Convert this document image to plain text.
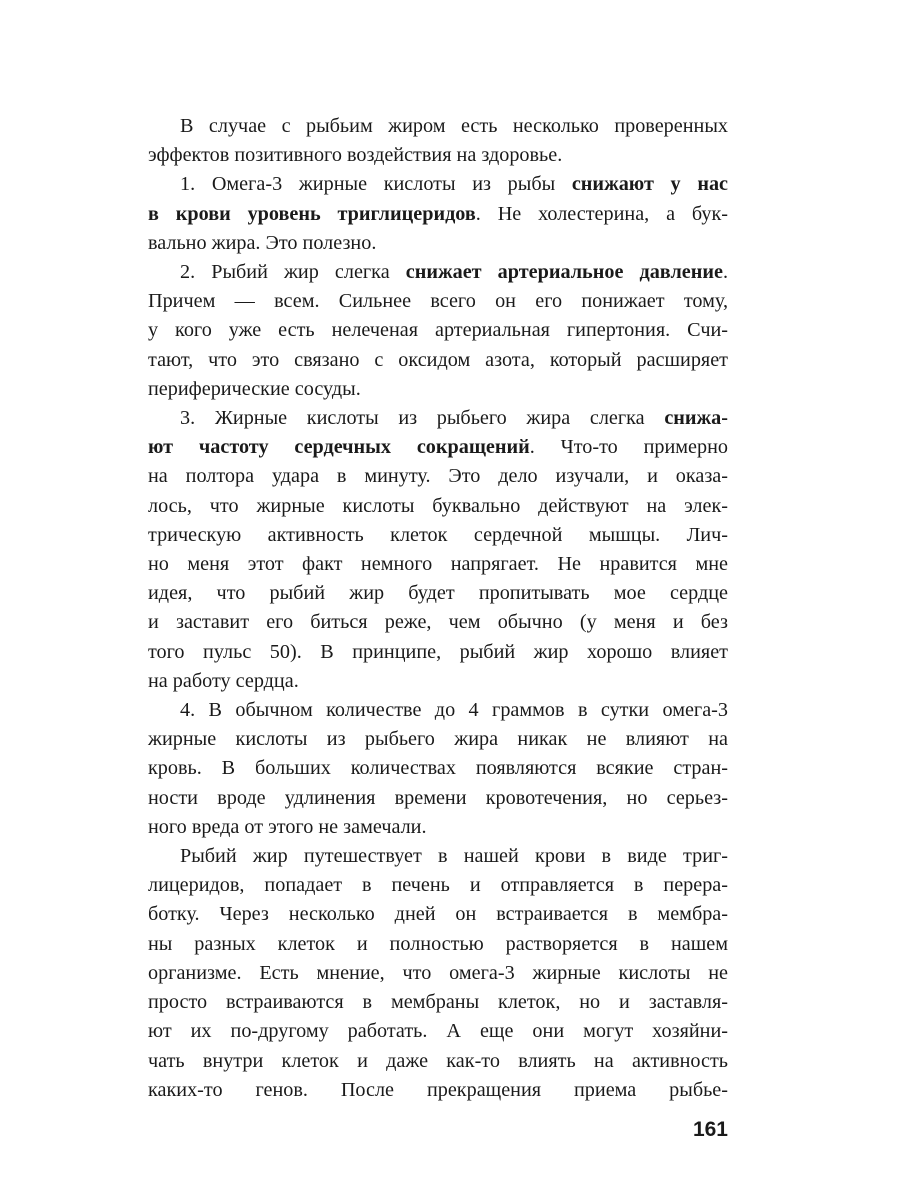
В случае с рыбьим жиром есть несколько проверенных
эффектов позитивного воздействия на здоровье.
1. Омега-3 жирные кислоты из рыбы снижают у нас
в крови уровень триглицеридов. Не холестерина, а бук-
вально жира. Это полезно.
2. Рыбий жир слегка снижает артериальное давление.
Причем — всем. Сильнее всего он его понижает тому,
у кого уже есть нелеченая артериальная гипертония. Счи-
тают, что это связано с оксидом азота, который расширяет
периферические сосуды.
3. Жирные кислоты из рыбьего жира слегка снижа-
ют частоту сердечных сокращений. Что-то примерно
на полтора удара в минуту. Это дело изучали, и оказа-
лось, что жирные кислоты буквально действуют на элек-
трическую активность клеток сердечной мышцы. Лич-
но меня этот факт немного напрягает. Не нравится мне
идея, что рыбий жир будет пропитывать мое сердце
и заставит его биться реже, чем обычно (у меня и без
того пульс 50). В принципе, рыбий жир хорошо влияет
на работу сердца.
4. В обычном количестве до 4 граммов в сутки омега-3
жирные кислоты из рыбьего жира никак не влияют на
кровь. В больших количествах появляются всякие стран-
ности вроде удлинения времени кровотечения, но серьез-
ного вреда от этого не замечали.
Рыбий жир путешествует в нашей крови в виде триг-
лицеридов, попадает в печень и отправляется в перера-
ботку. Через несколько дней он встраивается в мембра-
ны разных клеток и полностью растворяется в нашем
организме. Есть мнение, что омега-3 жирные кислоты не
просто встраиваются в мембраны клеток, но и заставля-
ют их по-другому работать. А еще они могут хозяйни-
чать внутри клеток и даже как-то влиять на активность
каких-то генов. После прекращения приема рыбье-
161
